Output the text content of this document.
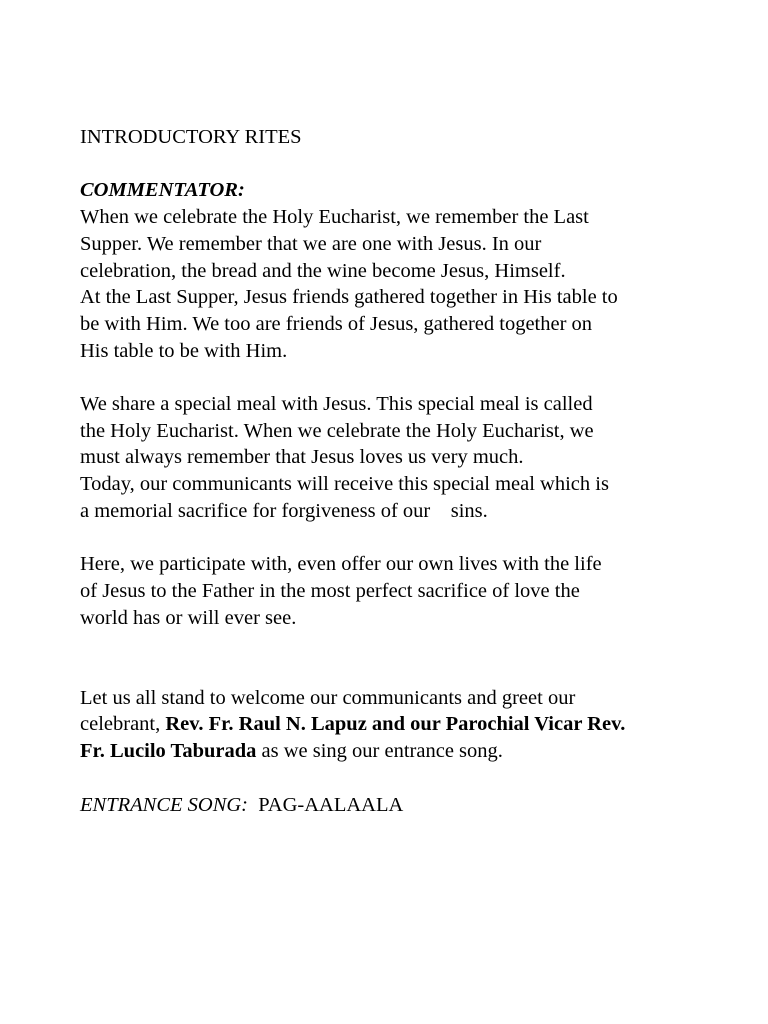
INTRODUCTORY RITES

COMMENTATOR:

When we celebrate the Holy Eucharist, we remember the Last

Supper. We remember that we are one with Jesus. In our

celebration, the bread and the wine become Jesus, Himself.

At the Last Supper, Jesus friends gathered together in His table to

be with Him. We too are friends of Jesus, gathered together on

His table to be with Him.

We share a special meal with Jesus. This special meal is called

the Holy Eucharist. When we celebrate the Holy Eucharist, we

must always remember that Jesus loves us very much.

Today, our communicants will receive this special meal which is

a memorial sacrifice for forgiveness of our    sins.

Here, we participate with, even offer our own lives with the life

of Jesus to the Father in the most perfect sacrifice of love the

world has or will ever see.

Let us all stand to welcome our communicants and greet our

celebrant, Rev. Fr. Raul N. Lapuz and our Parochial Vicar Rev.

Fr. Lucilo Taburada as we sing our entrance song.

ENTRANCE SONG: PAG-AALAALA
